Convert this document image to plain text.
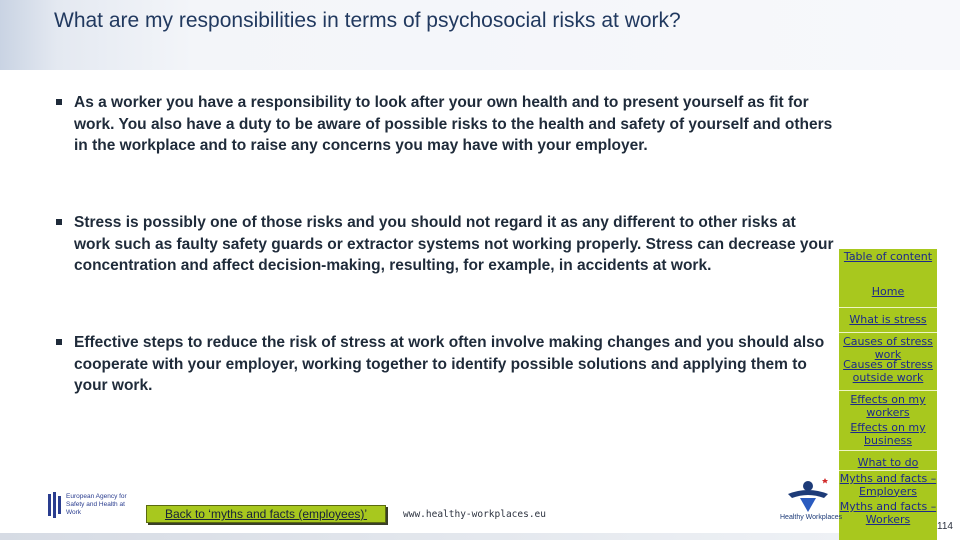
What are my responsibilities in terms of psychosocial risks at work?
As a worker you have a responsibility to look after your own health and to present yourself as fit for work. You also have a duty to be aware of possible risks to the health and safety of yourself and others in the workplace and to raise any concerns you may have with your employer.
Stress is possibly one of those risks and you should not regard it as any different to other risks at work such as faulty safety guards or extractor systems not working properly. Stress can decrease your concentration and affect decision-making, resulting, for example, in accidents at work.
Effective steps to reduce the risk of stress at work often involve making changes and you should also cooperate with your employer, working together to identify possible solutions and applying them to your work.
Table of content
Home
What is stress
Causes of stress work
Causes of stress outside work
Effects on my workers
Effects on my business
What to do
Myths and facts – Employers
Myths and facts – Workers
Back to ‘myths and facts (employees)’	www.healthy-workplaces.eu
European Agency for Safety and Health at Work
Healthy Workplaces
114
